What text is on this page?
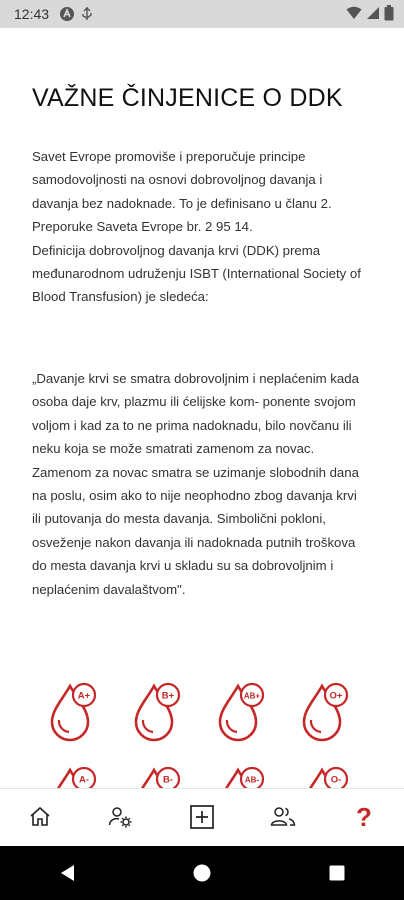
12:43
VAŽNE ČINJENICE O DDK
Savet Evrope promoviše i preporučuje principe
samodovoljnosti na osnovi dobrovoljnog davanja i
davanja bez nadoknade. To je definisano u članu 2.
Preporuke Saveta Evrope br. 2 95 14.
Definicija dobrovoljnog davanja krvi (DDK) prema
međunarodnom udruženju ISBT (International Society of
Blood Transfusion) je sledeća:
„Davanje krvi se smatra dobrovoljnim i neplaćenim kada
osoba daje krv, plazmu ili ćelijske kom- ponente svojom
voljom i kad za to ne prima nadoknadu, bilo novčanu ili
neku koja se može smatrati zamenom za novac.
Zamenom za novac smatra se uzimanje slobodnih dana
na poslu, osim ako to nije neophodno zbog davanja krvi
ili putovanja do mesta davanja. Simbolični pokloni,
osveženje nakon davanja ili nadoknada putnih troškova
do mesta davanja krvi u skladu su sa dobrovoljnim i
neplaćenim davalaštvom".
A+	B+	AB+	O+
A-	B-	AB-	O-
?
